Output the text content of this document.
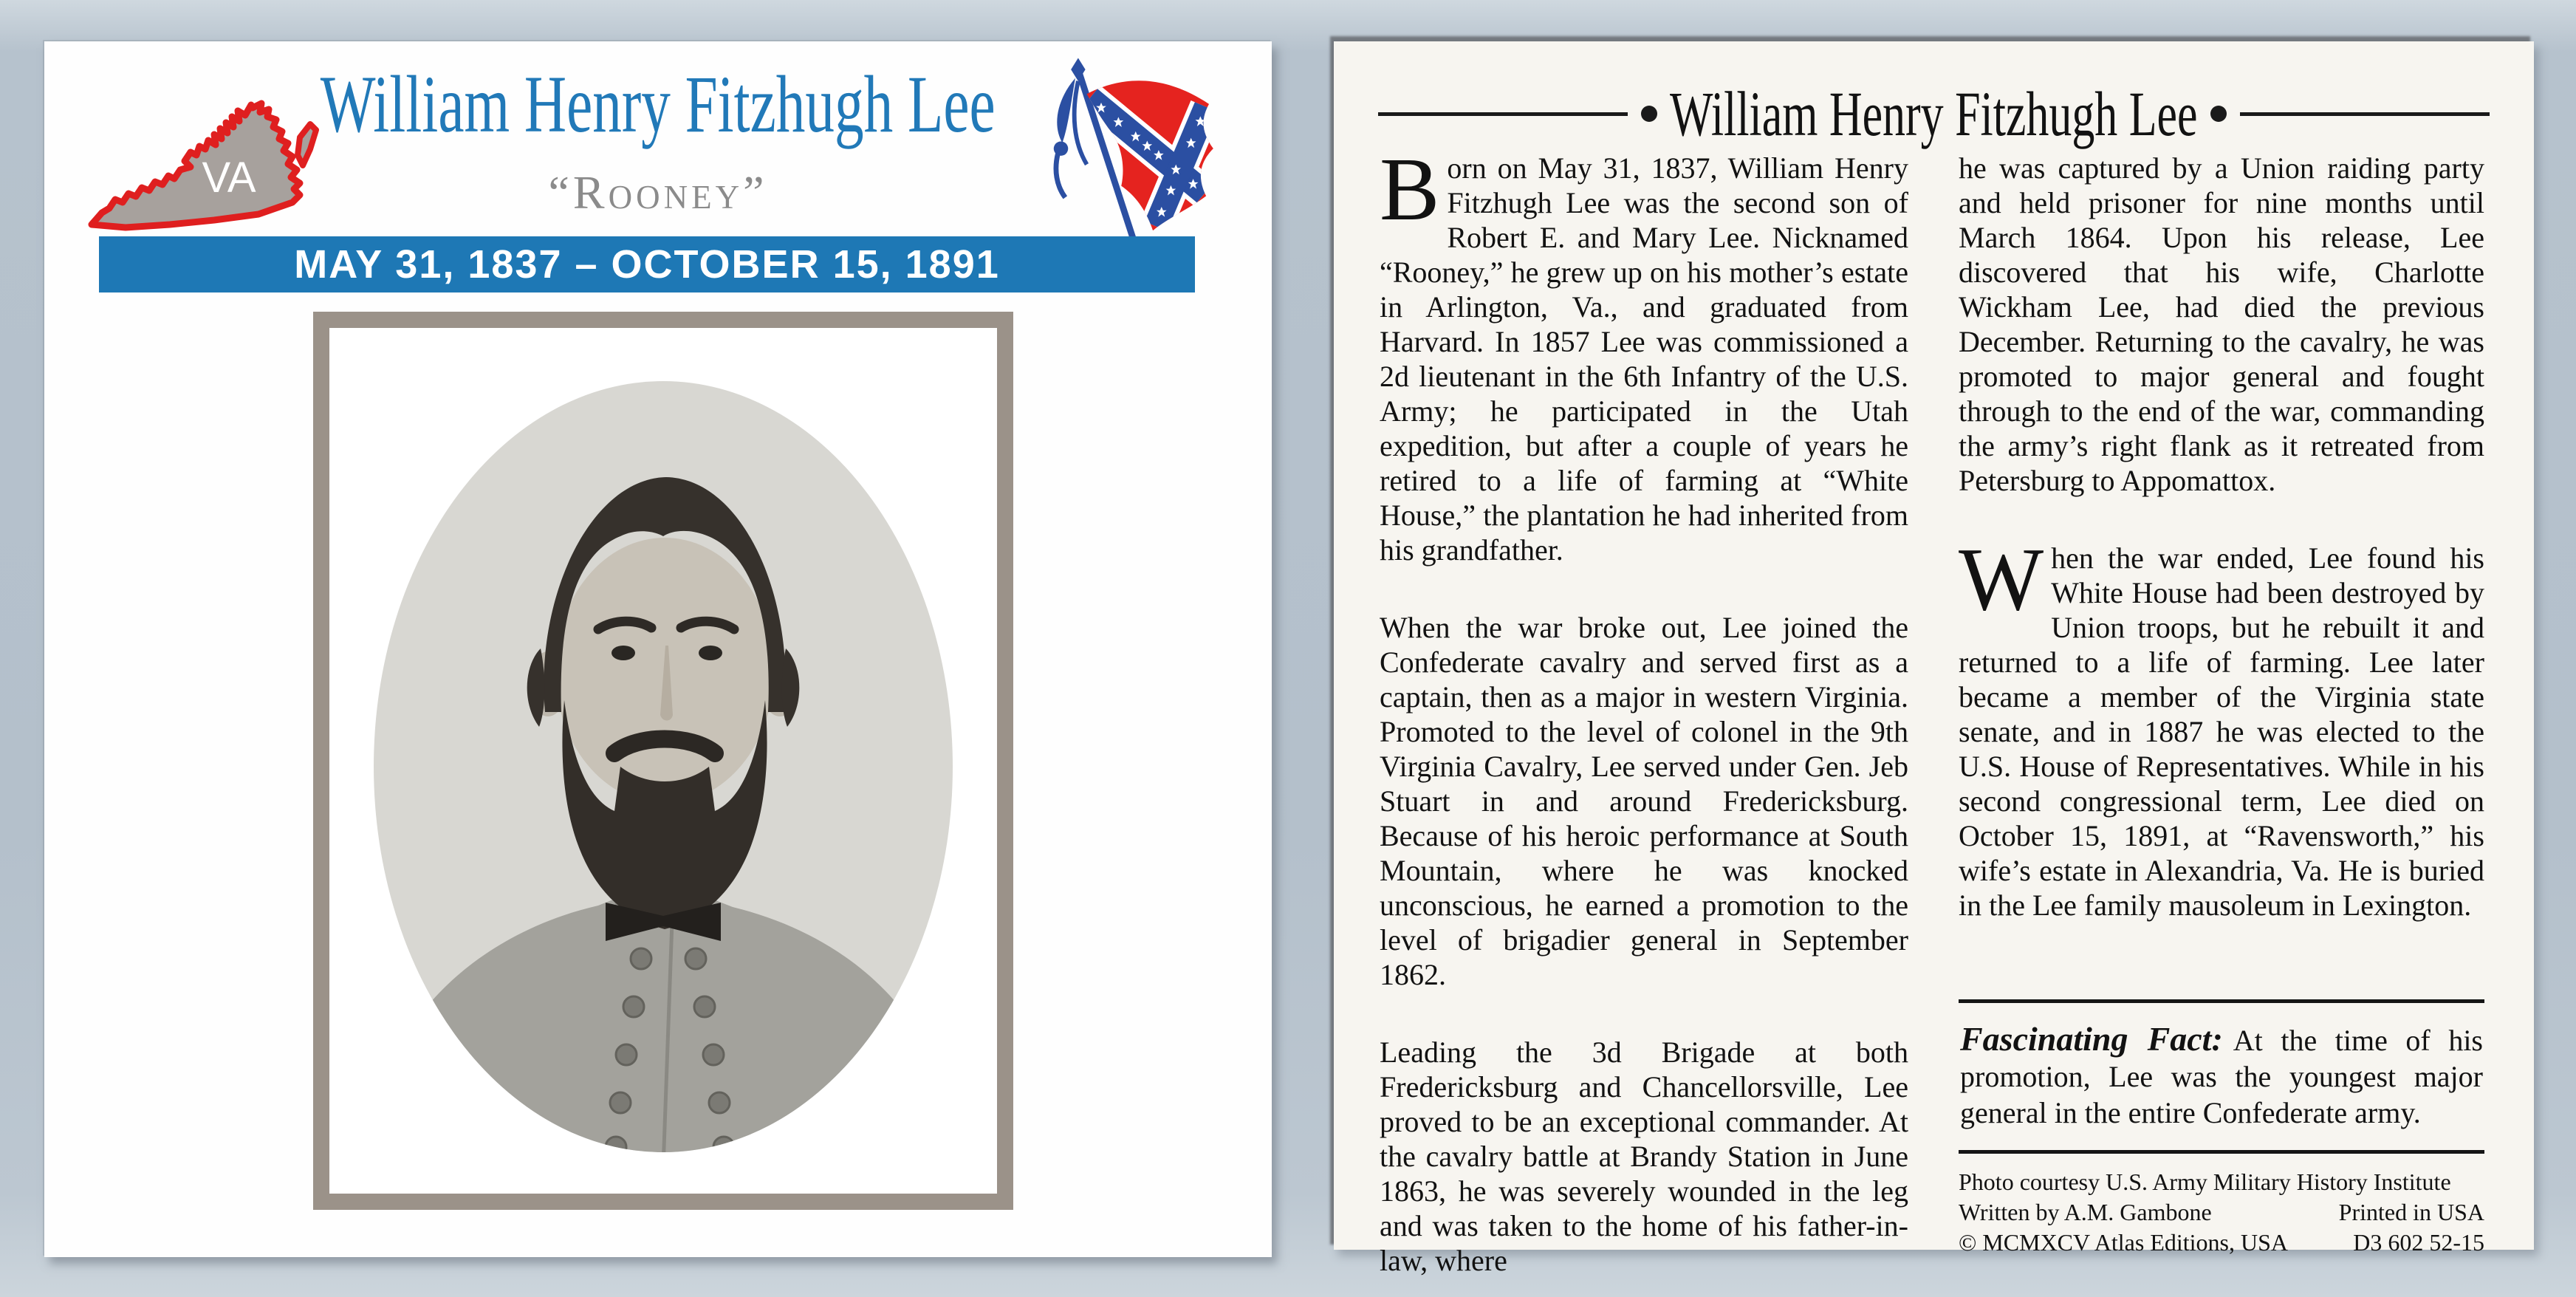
VA
William Henry Fitzhugh Lee
“Rooney”
MAY 31, 1837 – OCTOBER 15, 1891
William Henry Fitzhugh Lee

Born on May 31, 1837, William Henry Fitzhugh Lee was the second son of Robert E. and Mary Lee. Nicknamed “Rooney,” he grew up on his mother’s estate in Arlington, Va., and graduated from Harvard. In 1857 Lee was commissioned a 2d lieutenant in the 6th Infantry of the U.S. Army; he participated in the Utah expedition, but after a couple of years he retired to a life of farming at “White House,” the plantation he had inherited from his grandfather.

When the war broke out, Lee joined the Confederate cavalry and served first as a captain, then as a major in western Virginia. Promoted to the level of colonel in the 9th Virginia Cavalry, Lee served under Gen. Jeb Stuart in and around Fredericksburg. Because of his heroic performance at South Mountain, where he was knocked unconscious, he earned a promotion to the level of brigadier general in September 1862.

Leading the 3d Brigade at both Fredericksburg and Chancellorsville, Lee proved to be an exceptional commander. At the cavalry battle at Brandy Station in June 1863, he was severely wounded in the leg and was taken to the home of his father-in-law, where

he was captured by a Union raiding party and held prisoner for nine months until March 1864. Upon his release, Lee discovered that his wife, Charlotte Wickham Lee, had died the previous December. Returning to the cavalry, he was promoted to major general and fought through to the end of the war, commanding the army’s right flank as it retreated from Petersburg to Appomattox.

When the war ended, Lee found his White House had been destroyed by Union troops, but he rebuilt it and returned to a life of farming. Lee later became a member of the Virginia state senate, and in 1887 he was elected to the U.S. House of Representatives. While in his second congressional term, Lee died on October 15, 1891, at “Ravensworth,” his wife’s estate in Alexandria, Va. He is buried in the Lee family mausoleum in Lexington.

Fascinating Fact: At the time of his promotion, Lee was the youngest major general in the entire Confederate army.
Photo courtesy U.S. Army Military History Institute
Written by A.M. Gambone	Printed in USA
© MCMXCV Atlas Editions, USA	D3 602 52-15
